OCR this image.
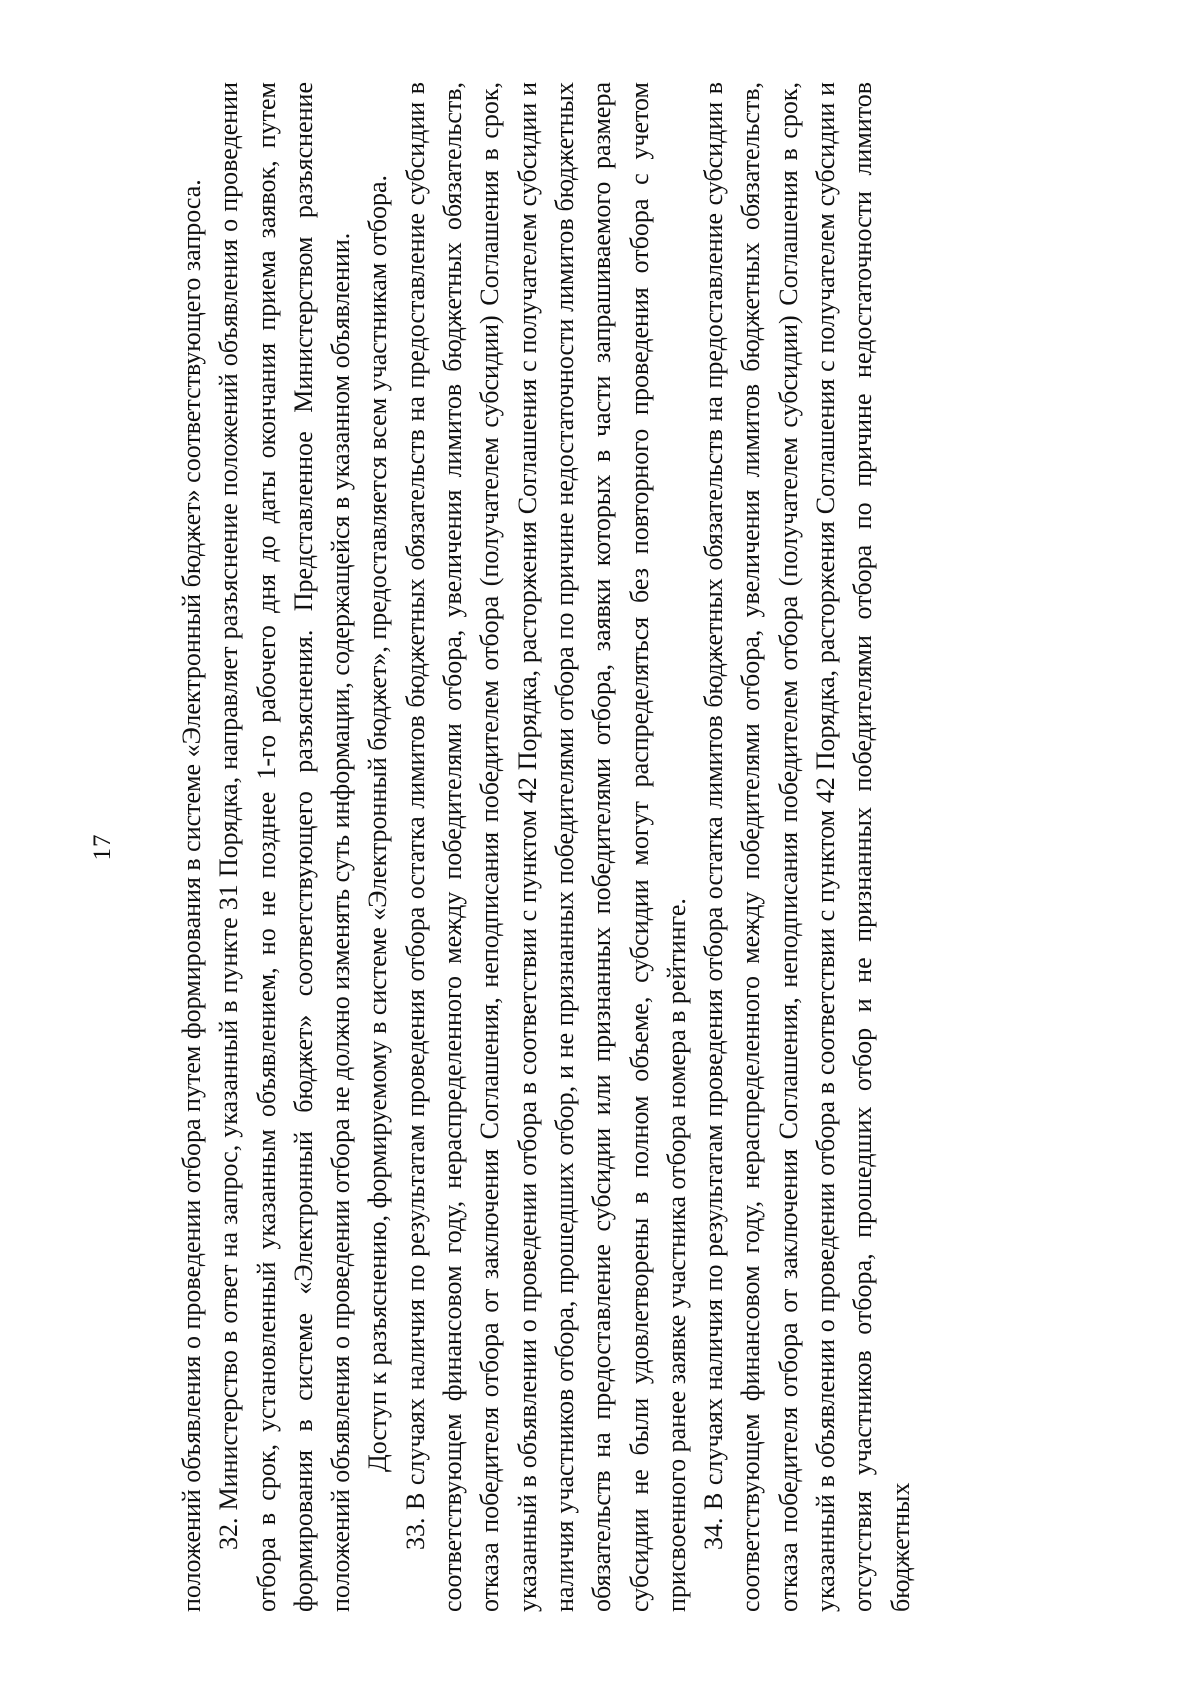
17 положений объявления о проведении отбора путем формирования в системе «Электронный бюджет» соответствующего запроса. 32. Министерство в ответ на запрос, указанный в пункте 31 Порядка, направляет разъяснение положений объявления о проведении отбора в срок, установленный указанным объявлением, но не позднее 1-го рабочего дня до даты окончания приема заявок, путем формирования в системе «Электронный бюджет» соответствующего разъяснения. Представленное Министерством разъяснение положений объявления о проведении отбора не должно изменять суть информации, содержащейся в указанном объявлении. Доступ к разъяснению, формируемому в системе «Электронный бюджет», предоставляется всем участникам отбора. 33. В случаях наличия по результатам проведения отбора остатка лимитов бюджетных обязательств на предоставление субсидии в соответствующем финансовом году, нераспределенного между победителями отбора, увеличения лимитов бюджетных обязательств, отказа победителя отбора от заключения Соглашения, неподписания победителем отбора (получателем субсидии) Соглашения в срок, указанный в объявлении о проведении отбора в соответствии с пунктом 42 Порядка, расторжения Соглашения с получателем субсидии и наличия участников отбора, прошедших отбор, и не признанных победителями отбора по причине недостаточности лимитов бюджетных обязательств на предоставление субсидии или признанных победителями отбора, заявки которых в части запрашиваемого размера субсидии не были удовлетворены в полном объеме, субсидии могут распределяться без повторного проведения отбора с учетом присвоенного ранее заявке участника отбора номера в рейтинге. 34. В случаях наличия по результатам проведения отбора остатка лимитов бюджетных обязательств на предоставление субсидии в соответствующем финансовом году, нераспределенного между победителями отбора, увеличения лимитов бюджетных обязательств, отказа победителя отбора от заключения Соглашения, неподписания победителем отбора (получателем субсидии) Соглашения в срок, указанный в объявлении о проведении отбора в соответствии с пунктом 42 Порядка, расторжения Соглашения с получателем субсидии и отсутствия участников отбора, прошедших отбор и не признанных победителями отбора по причине недостаточности лимитов бюджетных
